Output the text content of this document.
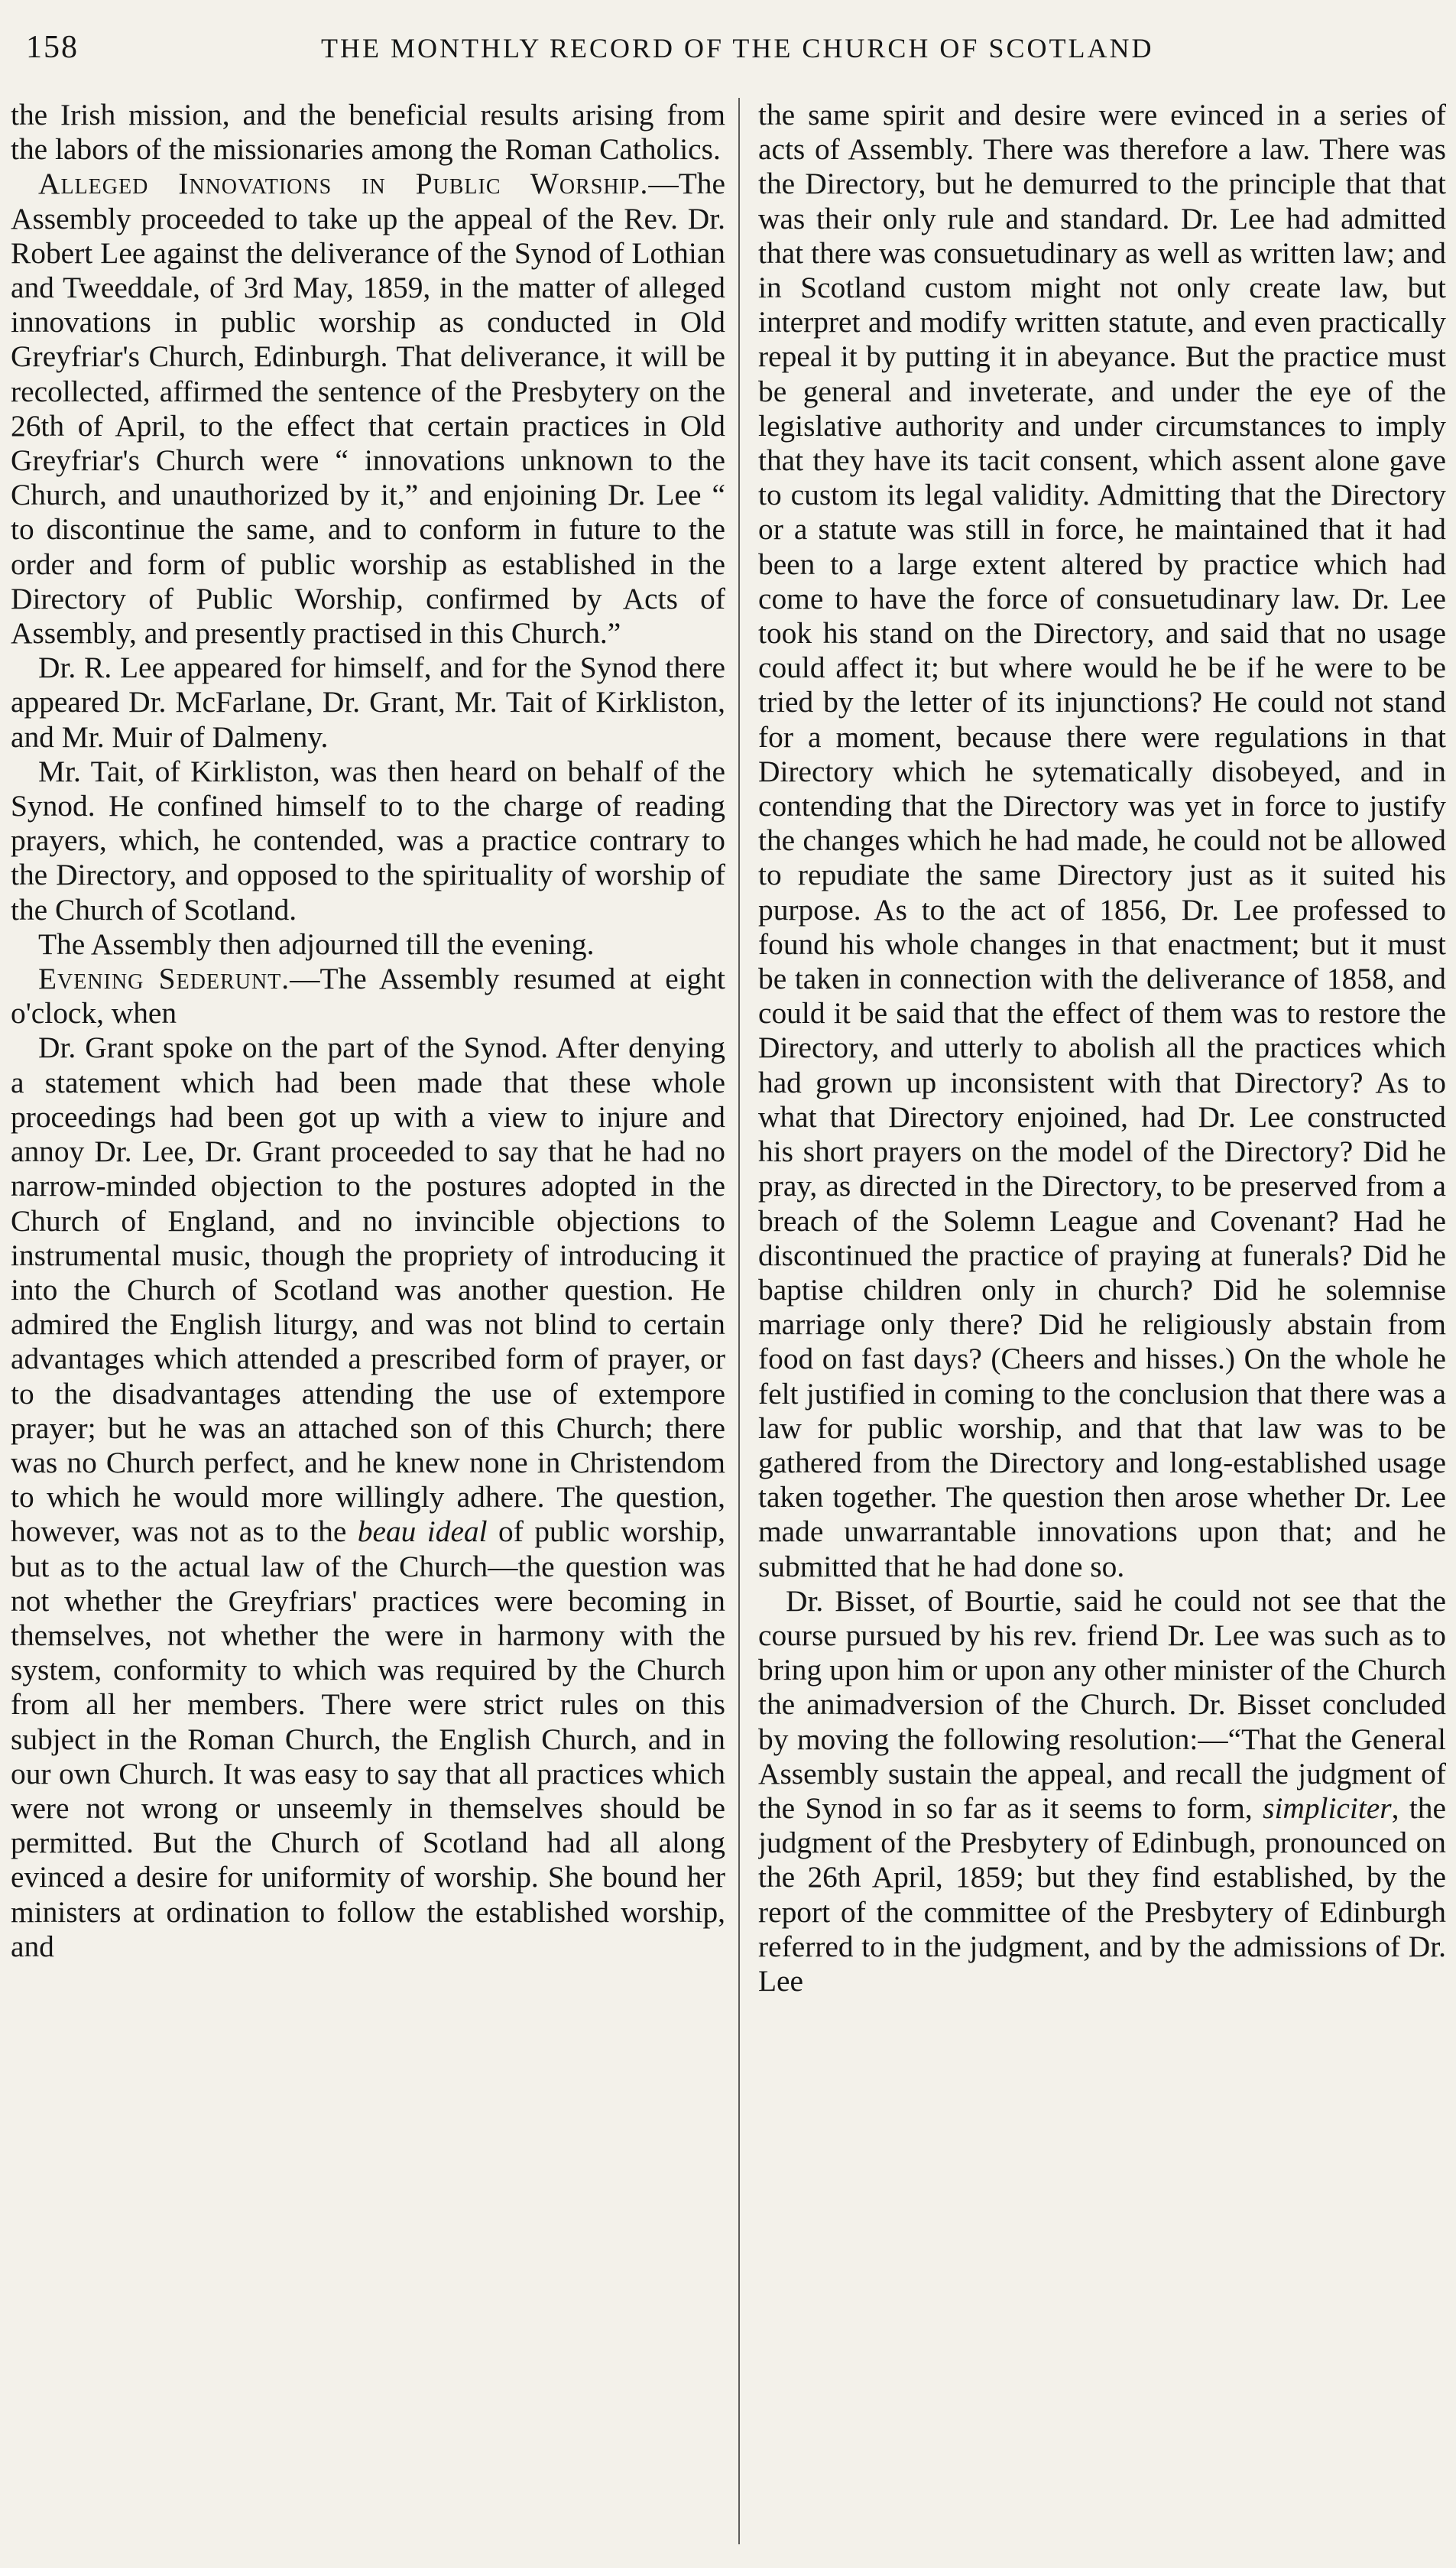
158	THE MONTHLY RECORD OF THE CHURCH OF SCOTLAND

the Irish mission, and the beneficial results arising from the labors of the missionaries among the Roman Catholics.

Alleged Innovations in Public Worship.—The Assembly proceeded to take up the appeal of the Rev. Dr. Robert Lee against the deliverance of the Synod of Lothian and Tweeddale, of 3rd May, 1859, in the matter of alleged innovations in public worship as conducted in Old Greyfriar's Church, Edinburgh. That deliverance, it will be recollected, affirmed the sentence of the Presbytery on the 26th of April, to the effect that certain practices in Old Greyfriar's Church were “ innovations unknown to the Church, and unauthorized by it,” and enjoining Dr. Lee “ to discontinue the same, and to conform in future to the order and form of public worship as established in the Directory of Public Worship, confirmed by Acts of Assembly, and presently practised in this Church.”

Dr. R. Lee appeared for himself, and for the Synod there appeared Dr. McFarlane, Dr. Grant, Mr. Tait of Kirkliston, and Mr. Muir of Dalmeny.

Mr. Tait, of Kirkliston, was then heard on behalf of the Synod. He confined himself to to the charge of reading prayers, which, he contended, was a practice contrary to the Directory, and opposed to the spirituality of worship of the Church of Scotland.

The Assembly then adjourned till the evening.

Evening Sederunt.—The Assembly resumed at eight o'clock, when

Dr. Grant spoke on the part of the Synod. After denying a statement which had been made that these whole proceedings had been got up with a view to injure and annoy Dr. Lee, Dr. Grant proceeded to say that he had no narrow-minded objection to the postures adopted in the Church of England, and no invincible objections to instrumental music, though the propriety of introducing it into the Church of Scotland was another question. He admired the English liturgy, and was not blind to certain advantages which attended a prescribed form of prayer, or to the disadvantages attending the use of extempore prayer; but he was an attached son of this Church; there was no Church perfect, and he knew none in Christendom to which he would more willingly adhere. The question, however, was not as to the beau ideal of public worship, but as to the actual law of the Church—the question was not whether the Greyfriars' practices were becoming in themselves, not whether the were in harmony with the system, conformity to which was required by the Church from all her members. There were strict rules on this subject in the Roman Church, the English Church, and in our own Church. It was easy to say that all practices which were not wrong or unseemly in themselves should be permitted. But the Church of Scotland had all along evinced a desire for uniformity of worship. She bound her ministers at ordination to follow the established worship, and

the same spirit and desire were evinced in a series of acts of Assembly. There was therefore a law. There was the Directory, but he demurred to the principle that that was their only rule and standard. Dr. Lee had admitted that there was consuetudinary as well as written law; and in Scotland custom might not only create law, but interpret and modify written statute, and even practically repeal it by putting it in abeyance. But the practice must be general and inveterate, and under the eye of the legislative authority and under circumstances to imply that they have its tacit consent, which assent alone gave to custom its legal validity. Admitting that the Directory or a statute was still in force, he maintained that it had been to a large extent altered by practice which had come to have the force of consuetudinary law. Dr. Lee took his stand on the Directory, and said that no usage could affect it; but where would he be if he were to be tried by the letter of its injunctions? He could not stand for a moment, because there were regulations in that Directory which he sytematically disobeyed, and in contending that the Directory was yet in force to justify the changes which he had made, he could not be allowed to repudiate the same Directory just as it suited his purpose. As to the act of 1856, Dr. Lee professed to found his whole changes in that enactment; but it must be taken in connection with the deliverance of 1858, and could it be said that the effect of them was to restore the Directory, and utterly to abolish all the practices which had grown up inconsistent with that Directory? As to what that Directory enjoined, had Dr. Lee constructed his short prayers on the model of the Directory? Did he pray, as directed in the Directory, to be preserved from a breach of the Solemn League and Covenant? Had he discontinued the practice of praying at funerals? Did he baptise children only in church? Did he solemnise marriage only there? Did he religiously abstain from food on fast days? (Cheers and hisses.) On the whole he felt justified in coming to the conclusion that there was a law for public worship, and that that law was to be gathered from the Directory and long-established usage taken together. The question then arose whether Dr. Lee made unwarrantable innovations upon that; and he submitted that he had done so.

Dr. Bisset, of Bourtie, said he could not see that the course pursued by his rev. friend Dr. Lee was such as to bring upon him or upon any other minister of the Church the animadversion of the Church. Dr. Bisset concluded by moving the following resolution:—“That the General Assembly sustain the appeal, and recall the judgment of the Synod in so far as it seems to form, simpliciter, the judgment of the Presbytery of Edinbugh, pronounced on the 26th April, 1859; but they find established, by the report of the committee of the Presbytery of Edinburgh referred to in the judgment, and by the admissions of Dr. Lee
